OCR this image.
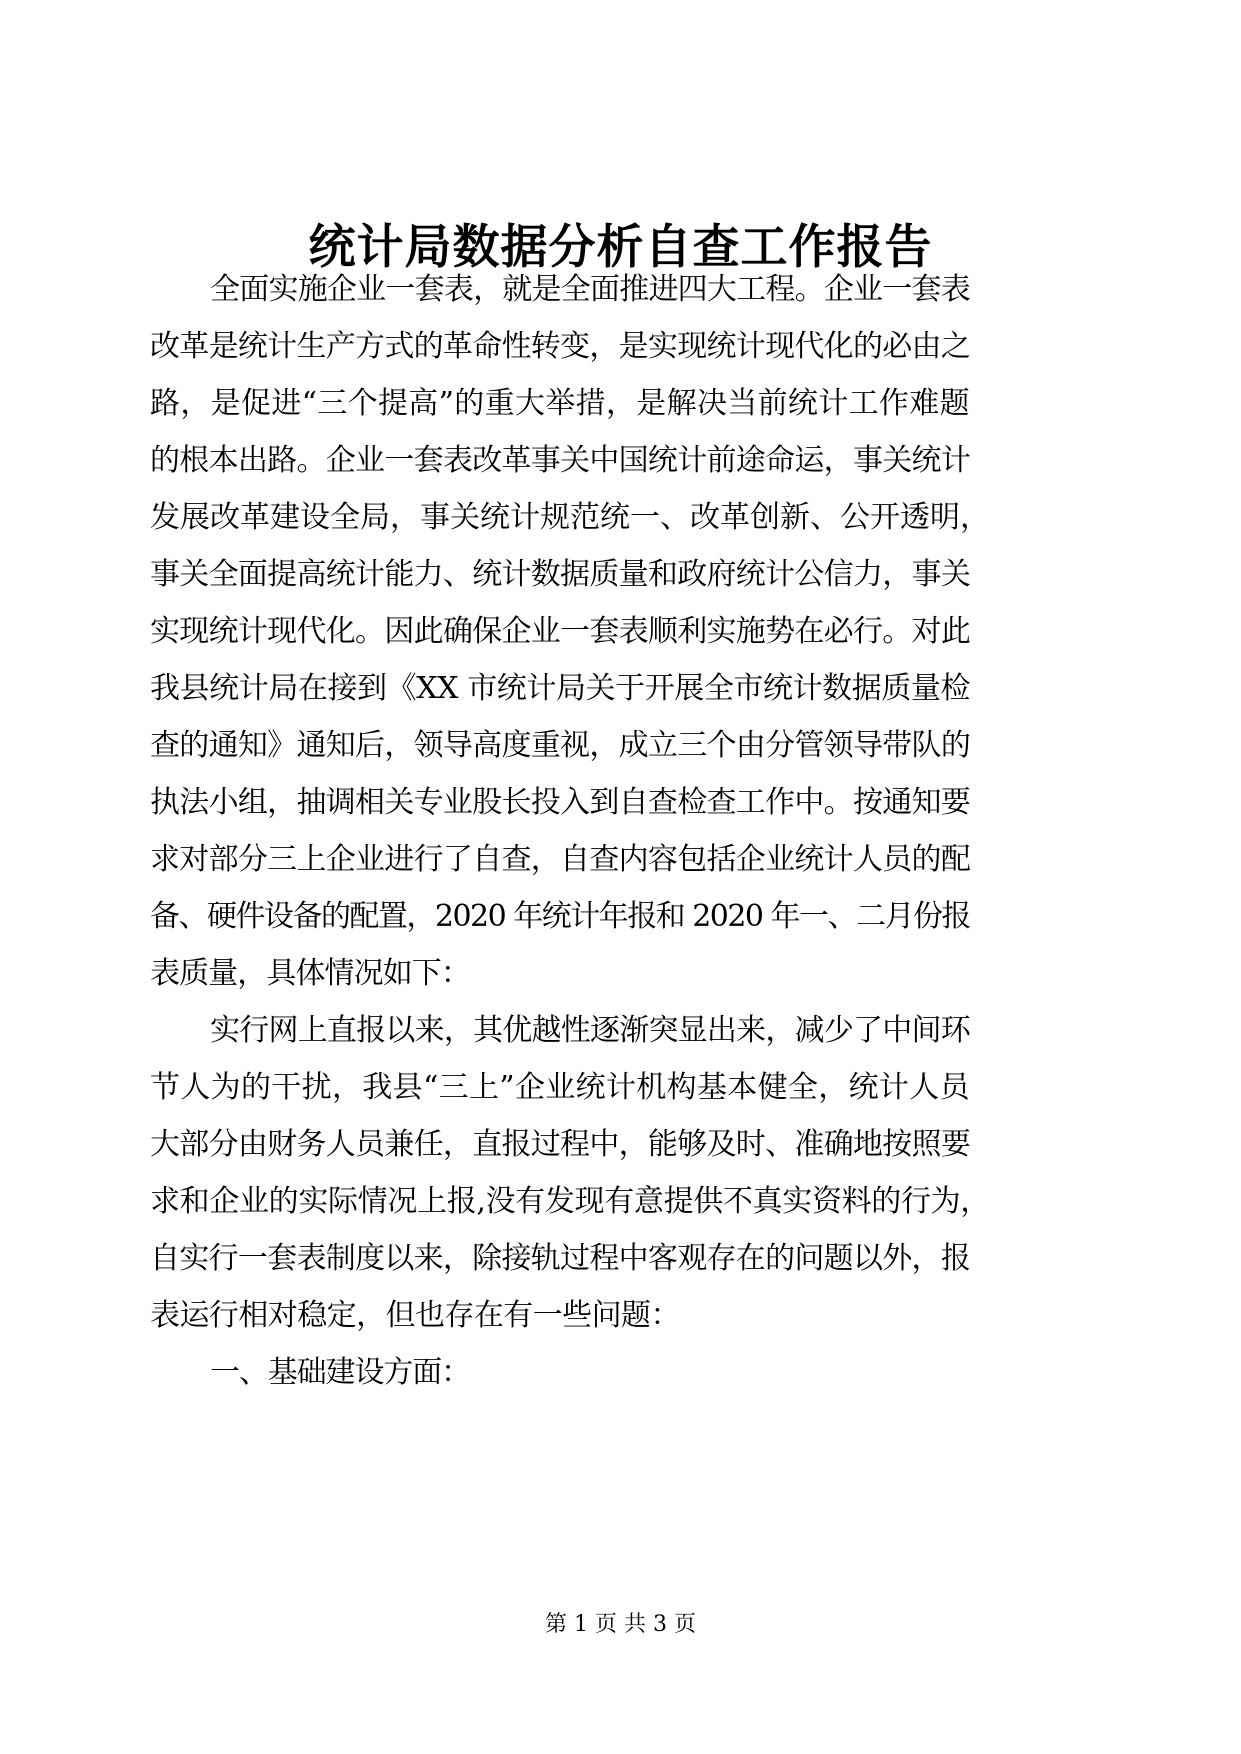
统计局数据分析自查工作报告
全面实施企业一套表，就是全面推进四大工程。企业一套表
改革是统计生产方式的革命性转变，是实现统计现代化的必由之
路，是促进“三个提高”的重大举措，是解决当前统计工作难题
的根本出路。企业一套表改革事关中国统计前途命运，事关统计
发展改革建设全局，事关统计规范统一、改革创新、公开透明，
事关全面提高统计能力、统计数据质量和政府统计公信力，事关
实现统计现代化。因此确保企业一套表顺利实施势在必行。对此
我县统计局在接到《XX 市统计局关于开展全市统计数据质量检
查的通知》通知后，领导高度重视，成立三个由分管领导带队的
执法小组，抽调相关专业股长投入到自查检查工作中。按通知要
求对部分三上企业进行了自查，自查内容包括企业统计人员的配
备、硬件设备的配置，2020 年统计年报和 2020 年一、二月份报
表质量，具体情况如下：
实行网上直报以来，其优越性逐渐突显出来，减少了中间环
节人为的干扰，我县“三上”企业统计机构基本健全，统计人员
大部分由财务人员兼任，直报过程中，能够及时、准确地按照要
求和企业的实际情况上报,没有发现有意提供不真实资料的行为，
自实行一套表制度以来，除接轨过程中客观存在的问题以外，报
表运行相对稳定，但也存在有一些问题：
一、基础建设方面：
第 1 页 共 3 页
